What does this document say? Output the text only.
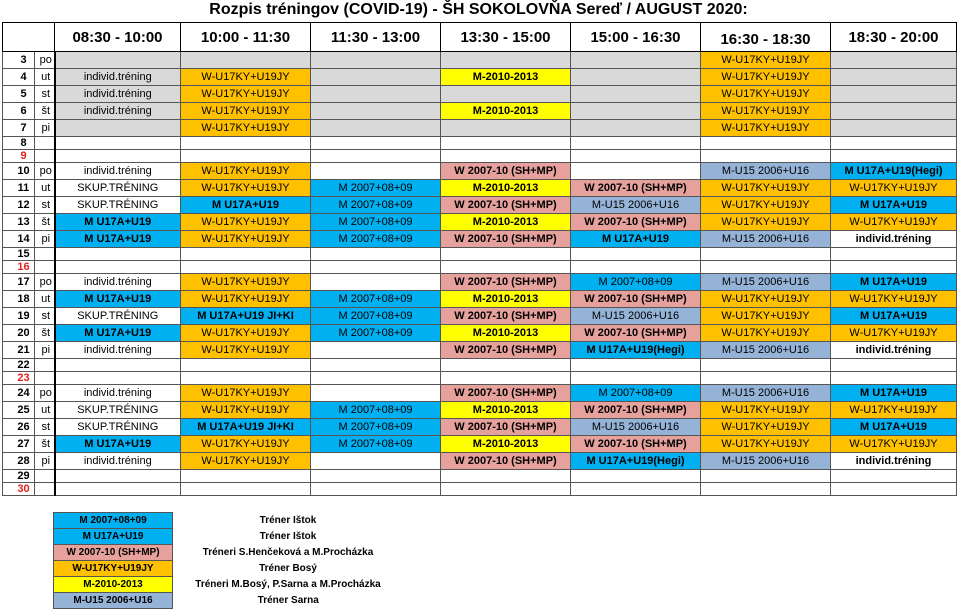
Rozpis tréningov (COVID-19) - ŠH SOKOLOVŇA Sereď / AUGUST 2020:
		08:30 - 10:00	10:00 - 11:30	11:30 - 13:00	13:30 - 15:00	15:00 - 16:30	16:30 - 18:30	18:30 - 20:00
3	po						W-U17KY+U19JY	
4	ut	individ.tréning	W-U17KY+U19JY		M-2010-2013		W-U17KY+U19JY	
5	st	individ.tréning	W-U17KY+U19JY				W-U17KY+U19JY	
6	št	individ.tréning	W-U17KY+U19JY		M-2010-2013		W-U17KY+U19JY	
7	pi		W-U17KY+U19JY				W-U17KY+U19JY	
8								
9								
10	po	individ.tréning	W-U17KY+U19JY		W 2007-10 (SH+MP)		M-U15 2006+U16	M U17A+U19(Hegi)
11	ut	SKUP.TRÉNING	W-U17KY+U19JY	M 2007+08+09	M-2010-2013	W 2007-10 (SH+MP)	W-U17KY+U19JY	W-U17KY+U19JY
12	st	SKUP.TRÉNING	M U17A+U19	M 2007+08+09	W 2007-10 (SH+MP)	M-U15 2006+U16	W-U17KY+U19JY	M U17A+U19
13	št	M U17A+U19	W-U17KY+U19JY	M 2007+08+09	M-2010-2013	W 2007-10 (SH+MP)	W-U17KY+U19JY	W-U17KY+U19JY
14	pi	M U17A+U19	W-U17KY+U19JY	M 2007+08+09	W 2007-10 (SH+MP)	M U17A+U19	M-U15 2006+U16	individ.tréning
15								
16								
17	po	individ.tréning	W-U17KY+U19JY		W 2007-10 (SH+MP)	M 2007+08+09	M-U15 2006+U16	M U17A+U19
18	ut	M U17A+U19	W-U17KY+U19JY	M 2007+08+09	M-2010-2013	W 2007-10 (SH+MP)	W-U17KY+U19JY	W-U17KY+U19JY
19	st	SKUP.TRÉNING	M U17A+U19 JI+KI	M 2007+08+09	W 2007-10 (SH+MP)	M-U15 2006+U16	W-U17KY+U19JY	M U17A+U19
20	št	M U17A+U19	W-U17KY+U19JY	M 2007+08+09	M-2010-2013	W 2007-10 (SH+MP)	W-U17KY+U19JY	W-U17KY+U19JY
21	pi	individ.tréning	W-U17KY+U19JY		W 2007-10 (SH+MP)	M U17A+U19(Hegi)	M-U15 2006+U16	individ.tréning
22								
23								
24	po	individ.tréning	W-U17KY+U19JY		W 2007-10 (SH+MP)	M 2007+08+09	M-U15 2006+U16	M U17A+U19
25	ut	SKUP.TRÉNING	W-U17KY+U19JY	M 2007+08+09	M-2010-2013	W 2007-10 (SH+MP)	W-U17KY+U19JY	W-U17KY+U19JY
26	st	SKUP.TRÉNING	M U17A+U19 JI+KI	M 2007+08+09	W 2007-10 (SH+MP)	M-U15 2006+U16	W-U17KY+U19JY	M U17A+U19
27	št	M U17A+U19	W-U17KY+U19JY	M 2007+08+09	M-2010-2013	W 2007-10 (SH+MP)	W-U17KY+U19JY	W-U17KY+U19JY
28	pi	individ.tréning	W-U17KY+U19JY		W 2007-10 (SH+MP)	M U17A+U19(Hegi)	M-U15 2006+U16	individ.tréning
29								
30								
M 2007+08+09	Tréner Ištok
M U17A+U19	Tréner Ištok
W 2007-10 (SH+MP)	Tréneri S.Henčeková a M.Procházka
W-U17KY+U19JY	Tréner Bosý
M-2010-2013	Tréneri M.Bosý, P.Sarna a M.Procházka
M-U15 2006+U16	Tréner Sarna
